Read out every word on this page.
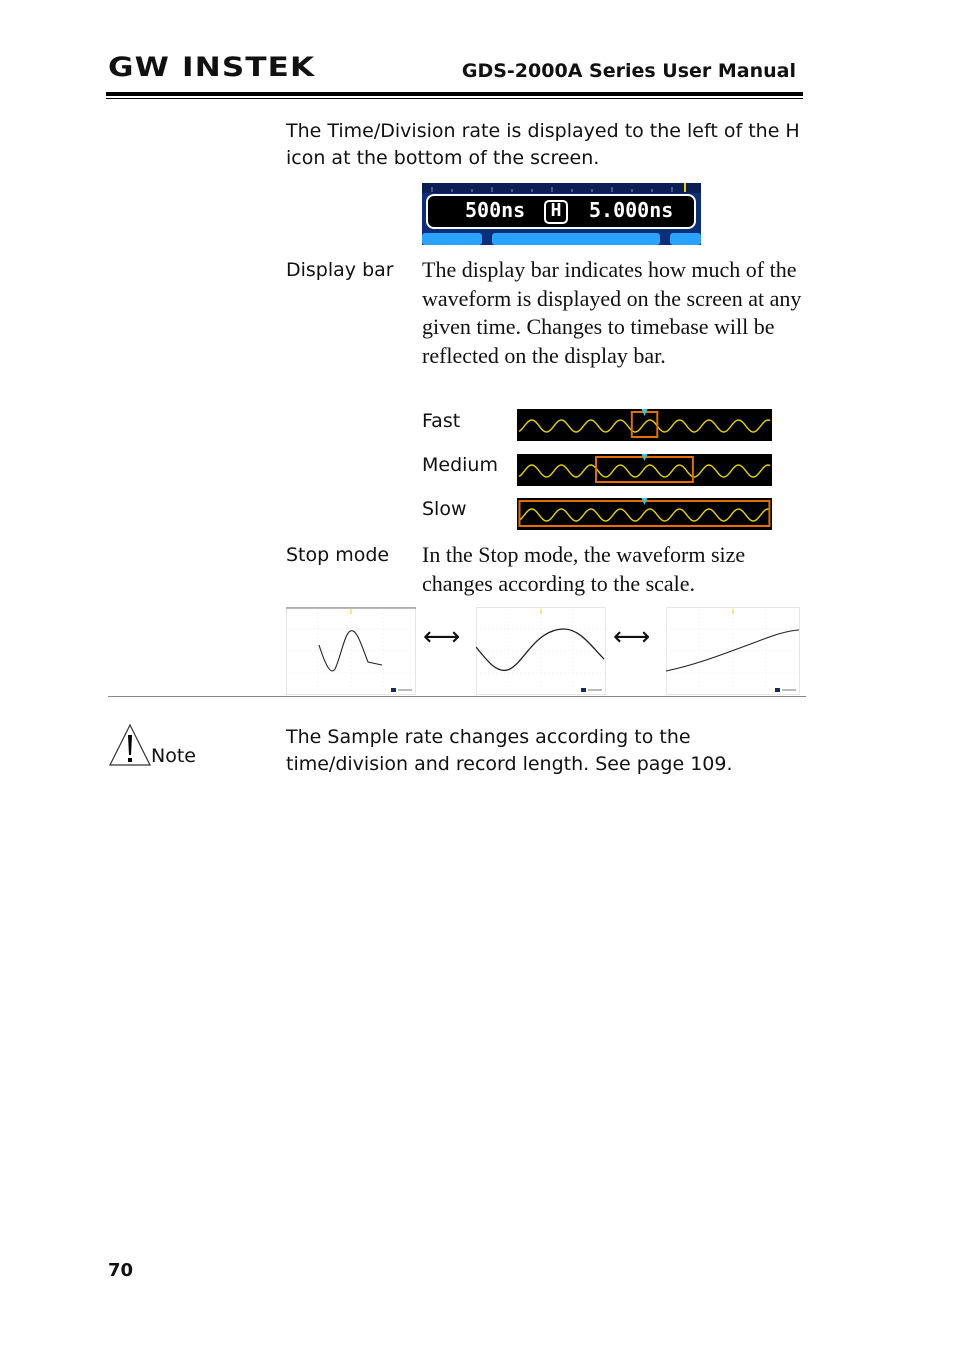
GW INSTEK	GDS-2000A Series User Manual
The Time/Division rate is displayed to the left of the H icon at the bottom of the screen.
500ns H 5.000ns
Display bar The display bar indicates how much of the waveform is displayed on the screen at any given time. Changes to timebase will be reflected on the display bar.
Fast
Medium
Slow
Stop mode In the Stop mode, the waveform size changes according to the scale.
⟷	⟷
Note
The Sample rate changes according to the time/division and record length. See page 109.
70
